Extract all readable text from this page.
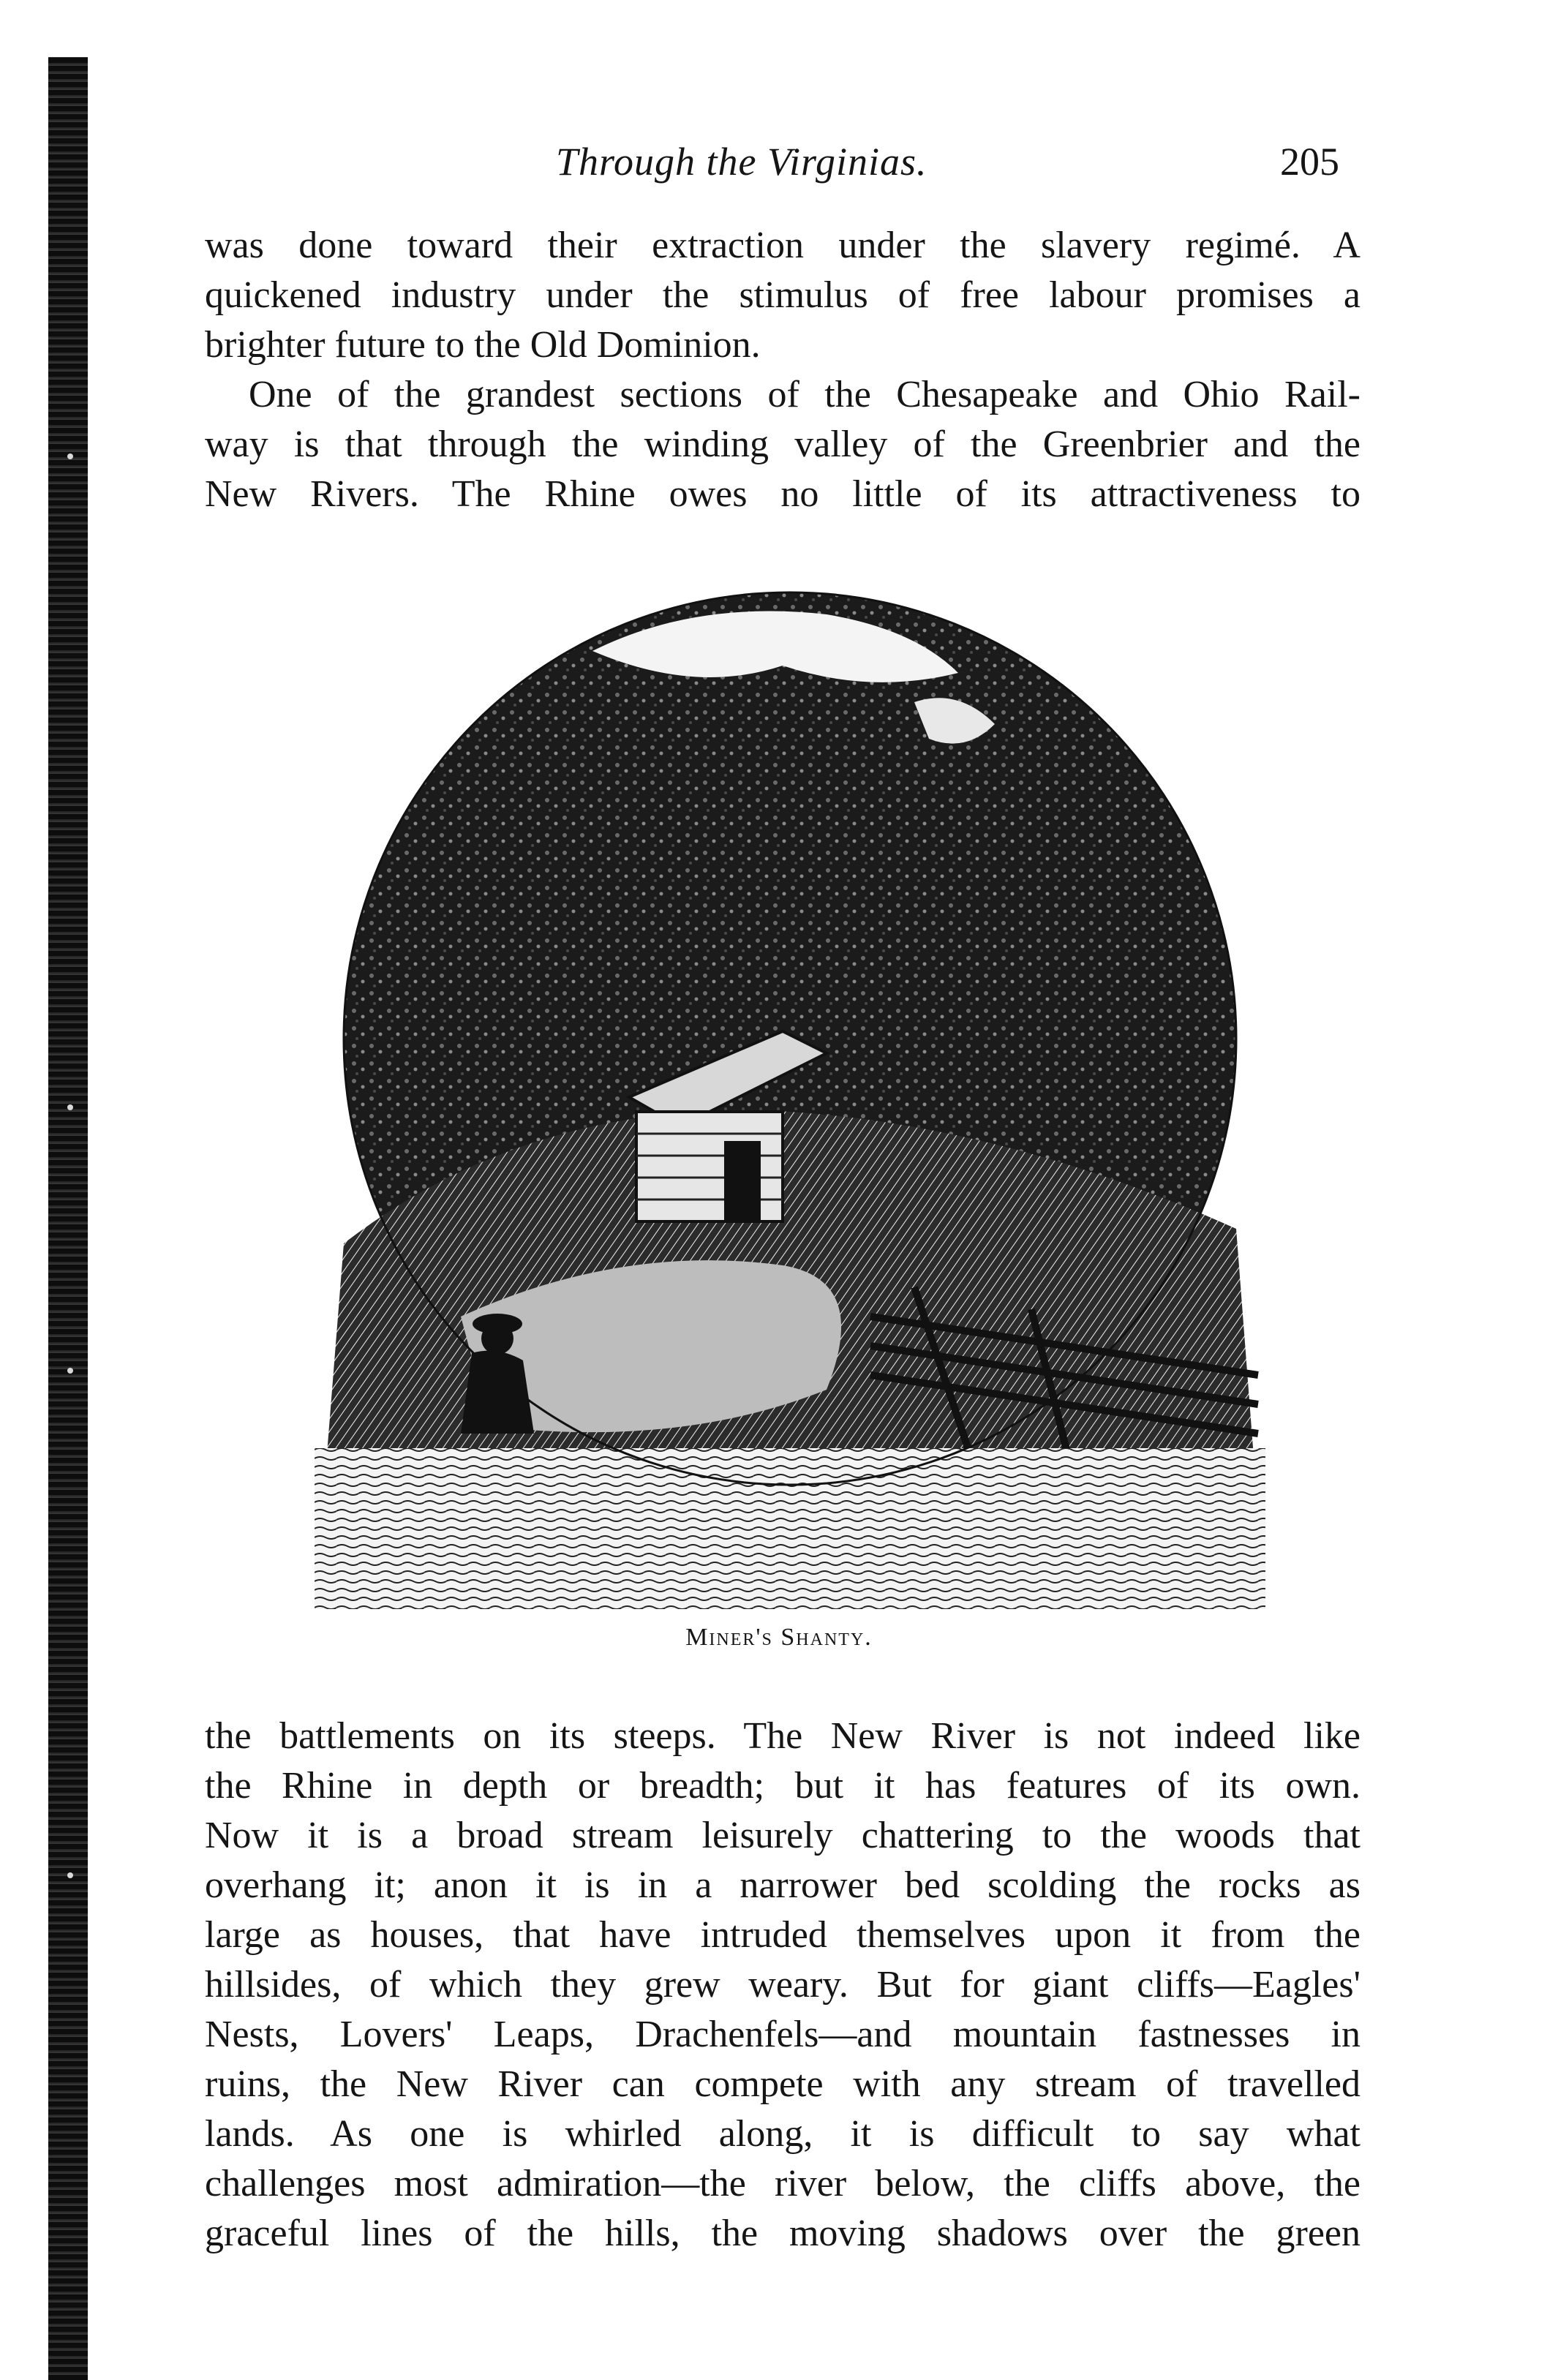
Through the Virginias.	205
was done toward their extraction under the slavery regimé. A
quickened industry under the stimulus of free labour promises a
brighter future to the Old Dominion.
One of the grandest sections of the Chesapeake and Ohio Rail-
way is that through the winding valley of the Greenbrier and the
New Rivers. The Rhine owes no little of its attractiveness to
Miner's Shanty.
the battlements on its steeps. The New River is not indeed like
the Rhine in depth or breadth; but it has features of its own.
Now it is a broad stream leisurely chattering to the woods that
overhang it; anon it is in a narrower bed scolding the rocks as
large as houses, that have intruded themselves upon it from the
hillsides, of which they grew weary. But for giant cliffs—Eagles'
Nests, Lovers' Leaps, Drachenfels—and mountain fastnesses in
ruins, the New River can compete with any stream of travelled
lands. As one is whirled along, it is difficult to say what
challenges most admiration—the river below, the cliffs above, the
graceful lines of the hills, the moving shadows over the green
